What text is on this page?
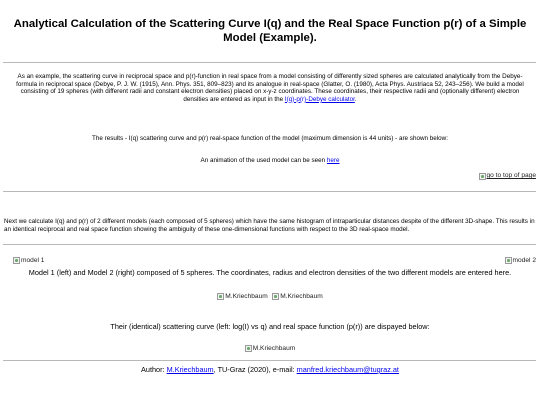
Analytical Calculation of the Scattering Curve I(q) and the Real Space Function p(r) of a Simple Model (Example).
As an example, the scattering curve in reciprocal space and p(r)-function in real space from a model consisting of differently sized spheres are calculated analytically from the Debye-formula in reciprocal space (Debye, P. J. W. (1915), Ann. Phys. 351, 809–823) and its analogue in real-space (Glatter, O. (1980), Acta Phys. Austriaca 52, 243–256). We build a model consisting of 19 spheres (with different radii and constant electron densities) placed on x-y-z coordinates. These coordinates, their respective radii and (optionally different) electron densities are entered as input in the I(q)-p(r)-Debye calculator.
The results - I(q) scattering curve and p(r) real-space function of the model (maximum dimension is 44 units) - are shown below:
An animation of the used model can be seen here
go to top of page
Next we calculate I(q) and p(r) of 2 different models (each composed of 5 spheres) which have the same histogram of intraparticular distances despite of the different 3D-shape. This results in an identical reciprocal and real space function showing the ambiguity of these one-dimensional functions with respect to the 3D real-space model.
model 1	model 2
Model 1 (left) and Model 2 (right) composed of 5 spheres. The coordinates, radius and electron densities of the two different models are entered here.
M.Kriechbaum
M.Kriechbaum
Their (identical) scattering curve (left: log(I) vs q) and real space function (p(r)) are dispayed below:
M.Kriechbaum
Author: M.Kriechbaum, TU-Graz (2020), e-mail: manfred.kriechbaum@tugraz.at
